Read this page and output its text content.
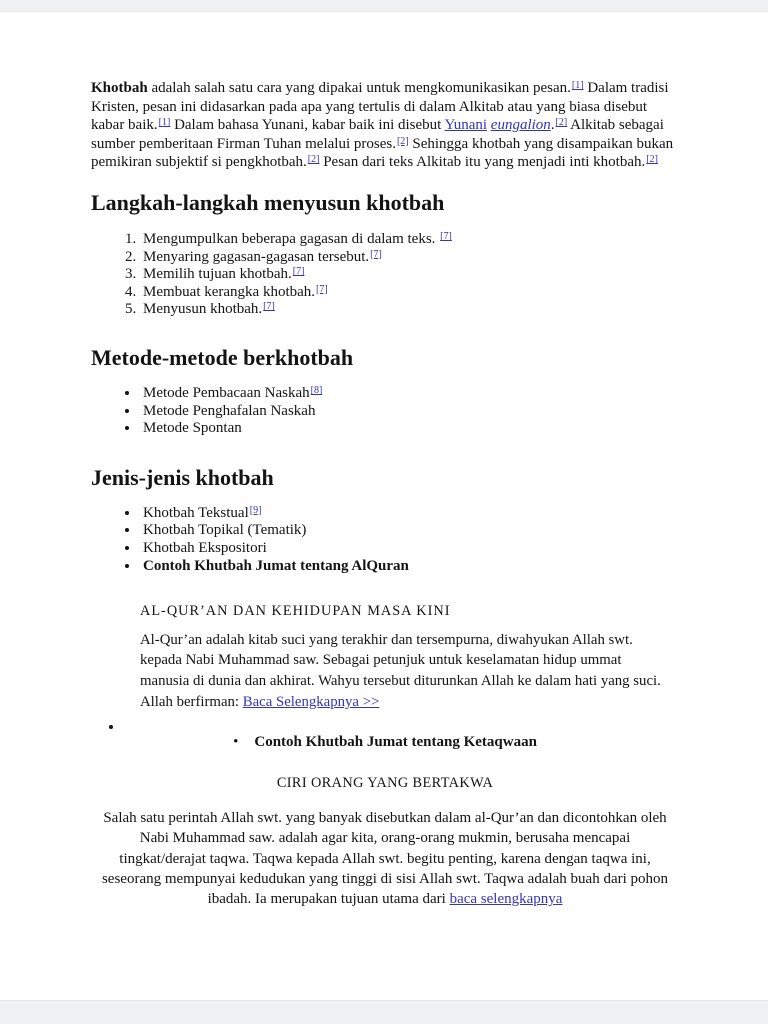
Khotbah adalah salah satu cara yang dipakai untuk mengkomunikasikan pesan.[1] Dalam tradisi Kristen, pesan ini didasarkan pada apa yang tertulis di dalam Alkitab atau yang biasa disebut kabar baik.[1] Dalam bahasa Yunani, kabar baik ini disebut Yunani eungalion.[2] Alkitab sebagai sumber pemberitaan Firman Tuhan melalui proses.[2] Sehingga khotbah yang disampaikan bukan pemikiran subjektif si pengkhotbah.[2] Pesan dari teks Alkitab itu yang menjadi inti khotbah.[2]

Langkah-langkah menyusun khotbah
1. Mengumpulkan beberapa gagasan di dalam teks. [7]
2. Menyaring gagasan-gagasan tersebut.[7]
3. Memilih tujuan khotbah.[7]
4. Membuat kerangka khotbah.[7]
5. Menyusun khotbah.[7]
Metode-metode berkhotbah
• Metode Pembacaan Naskah[8]
• Metode Penghafalan Naskah
• Metode Spontan
Jenis-jenis khotbah
• Khotbah Tekstual[9]
• Khotbah Topikal (Tematik)
• Khotbah Ekspositori
• Contoh Khutbah Jumat tentang AlQuran
AL-QUR’AN DAN KEHIDUPAN MASA KINI

Al-Qur’an adalah kitab suci yang terakhir dan tersempurna, diwahyukan Allah swt. kepada Nabi Muhammad saw. Sebagai petunjuk untuk keselamatan hidup ummat manusia di dunia dan akhirat. Wahyu tersebut diturunkan Allah ke dalam hati yang suci. Allah berfirman: Baca Selengkapnya >>

•
• Contoh Khutbah Jumat tentang Ketaqwaan
CIRI ORANG YANG BERTAKWA

Salah satu perintah Allah swt. yang banyak disebutkan dalam al-Qur’an dan dicontohkan oleh Nabi Muhammad saw. adalah agar kita, orang-orang mukmin, berusaha mencapai tingkat/derajat taqwa. Taqwa kepada Allah swt. begitu penting, karena dengan taqwa ini, seseorang mempunyai kedudukan yang tinggi di sisi Allah swt. Taqwa adalah buah dari pohon ibadah. Ia merupakan tujuan utama dari baca selengkapnya
